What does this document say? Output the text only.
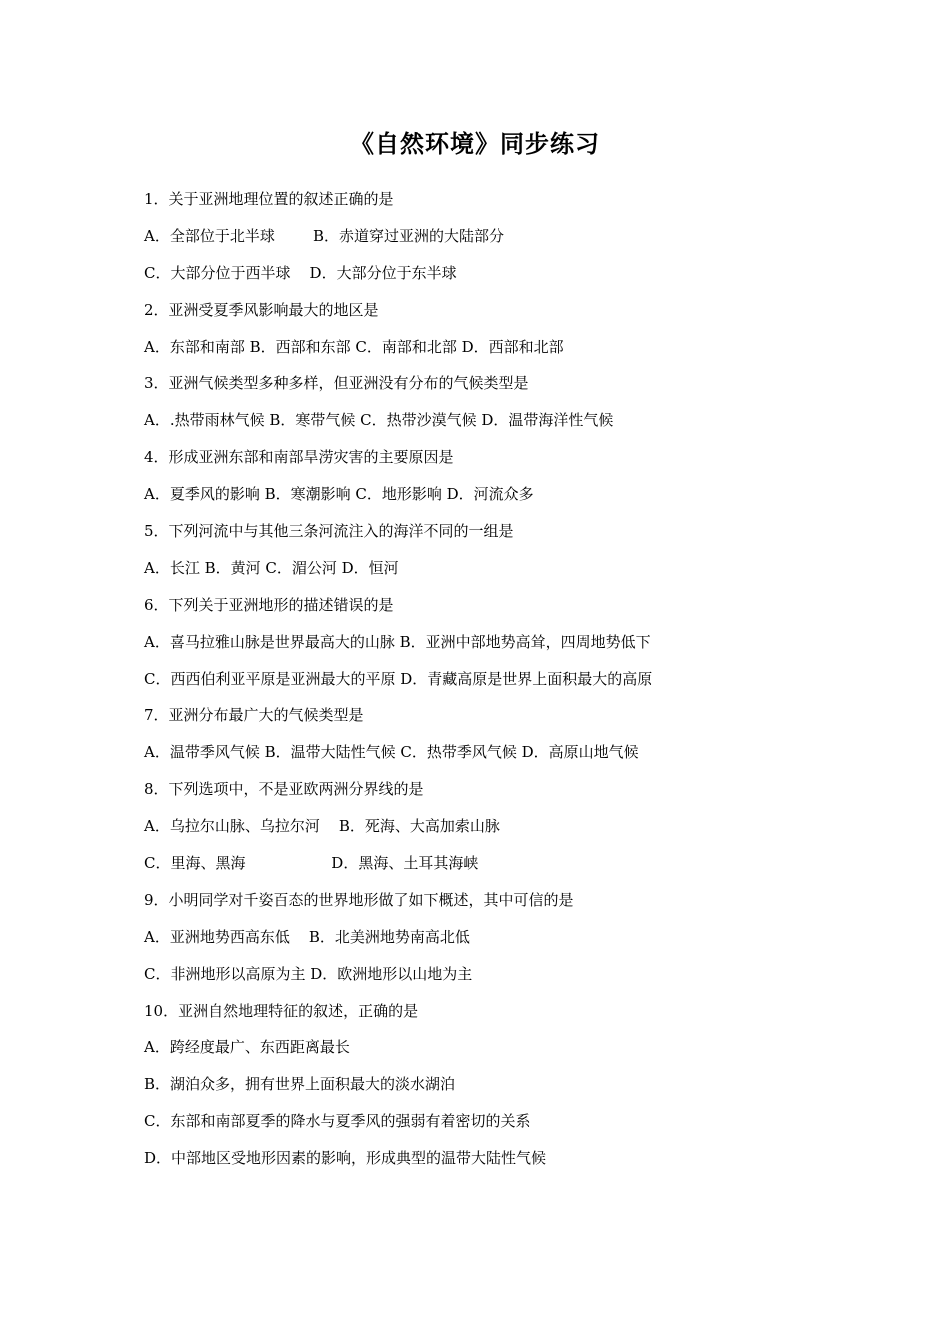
《自然环境》同步练习
1．关于亚洲地理位置的叙述正确的是
A．全部位于北半球        B．赤道穿过亚洲的大陆部分
C．大部分位于西半球    D．大部分位于东半球
2．亚洲受夏季风影响最大的地区是
A．东部和南部 B．西部和东部 C．南部和北部 D．西部和北部
3．亚洲气候类型多种多样，但亚洲没有分布的气候类型是
A．.热带雨林气候 B．寒带气候 C．热带沙漠气候 D．温带海洋性气候
4．形成亚洲东部和南部旱涝灾害的主要原因是
A．夏季风的影响 B．寒潮影响 C．地形影响 D．河流众多
5．下列河流中与其他三条河流注入的海洋不同的一组是
A．长江 B．黄河 C．湄公河 D．恒河
6．下列关于亚洲地形的描述错误的是
A．喜马拉雅山脉是世界最高大的山脉 B．亚洲中部地势高耸，四周地势低下
C．西西伯利亚平原是亚洲最大的平原 D．青藏高原是世界上面积最大的高原
7．亚洲分布最广大的气候类型是
A．温带季风气候 B．温带大陆性气候 C．热带季风气候 D．高原山地气候
8．下列选项中，不是亚欧两洲分界线的是
A．乌拉尔山脉、乌拉尔河    B．死海、大高加索山脉
C．里海、黑海                  D．黑海、土耳其海峡
9．小明同学对千姿百态的世界地形做了如下概述，其中可信的是
A．亚洲地势西高东低    B．北美洲地势南高北低
C．非洲地形以高原为主 D．欧洲地形以山地为主
10．亚洲自然地理特征的叙述，正确的是
A．跨经度最广、东西距离最长
B．湖泊众多，拥有世界上面积最大的淡水湖泊
C．东部和南部夏季的降水与夏季风的强弱有着密切的关系
D．中部地区受地形因素的影响，形成典型的温带大陆性气候
